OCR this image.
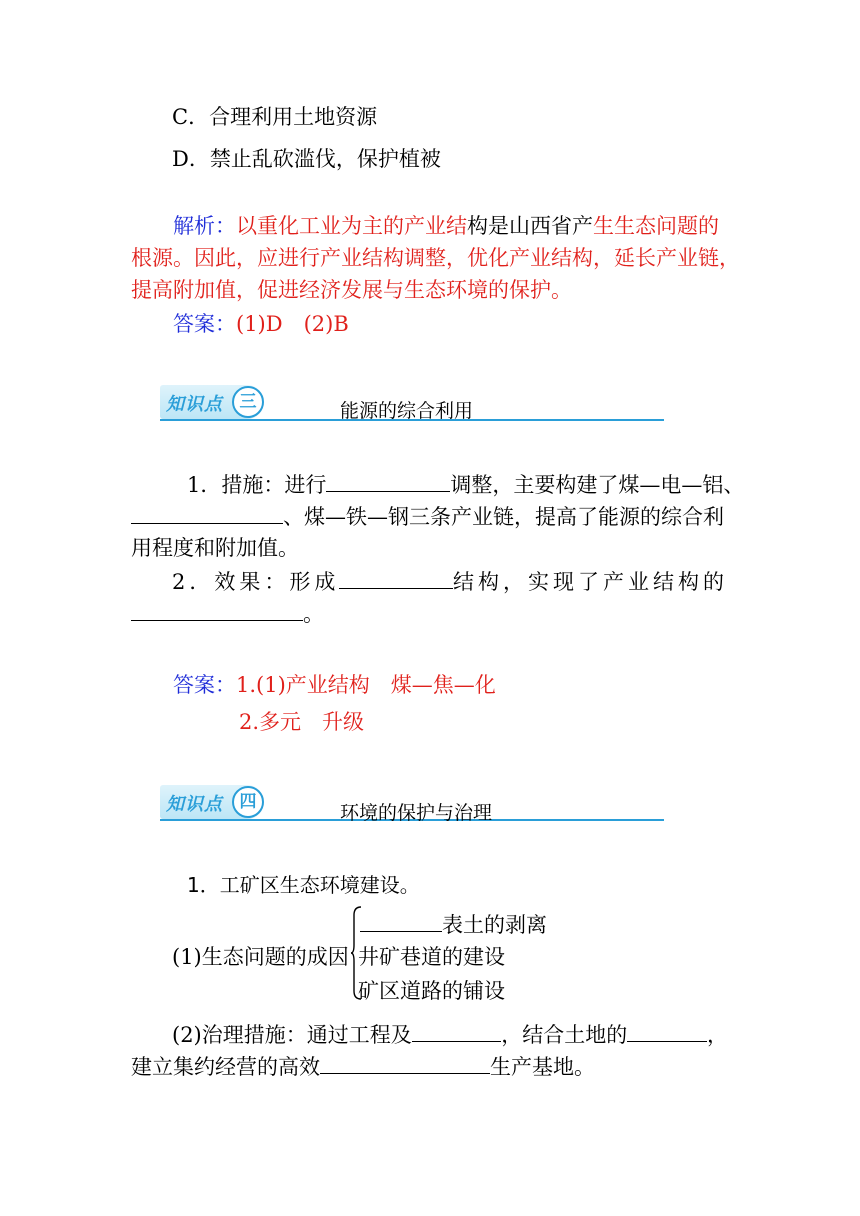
C．合理利用土地资源
D．禁止乱砍滥伐，保护植被
解析：以重化工业为主的产业结构是山西省产生生态问题的
根源。因此，应进行产业结构调整，优化产业结构，延长产业链，
提高附加值，促进经济发展与生态环境的保护。
答案：(1)D　(2)B
知识点 三	能源的综合利用
1．措施：进行	调整，主要构建了煤—电—铝、
、煤—铁—钢三条产业链，提高了能源的综合利
用程度和附加值。
2．效果：形成	结构，实现了产业结构的
。
答案：1.(1)产业结构　煤—焦—化
2.多元　升级
知识点 四	环境的保护与治理
1．工矿区生态环境建设。
(1)生态问题的成因
表土的剥离
井矿巷道的建设
矿区道路的铺设
(2)治理措施：通过工程及	，结合土地的	，
建立集约经营的高效	生产基地。
